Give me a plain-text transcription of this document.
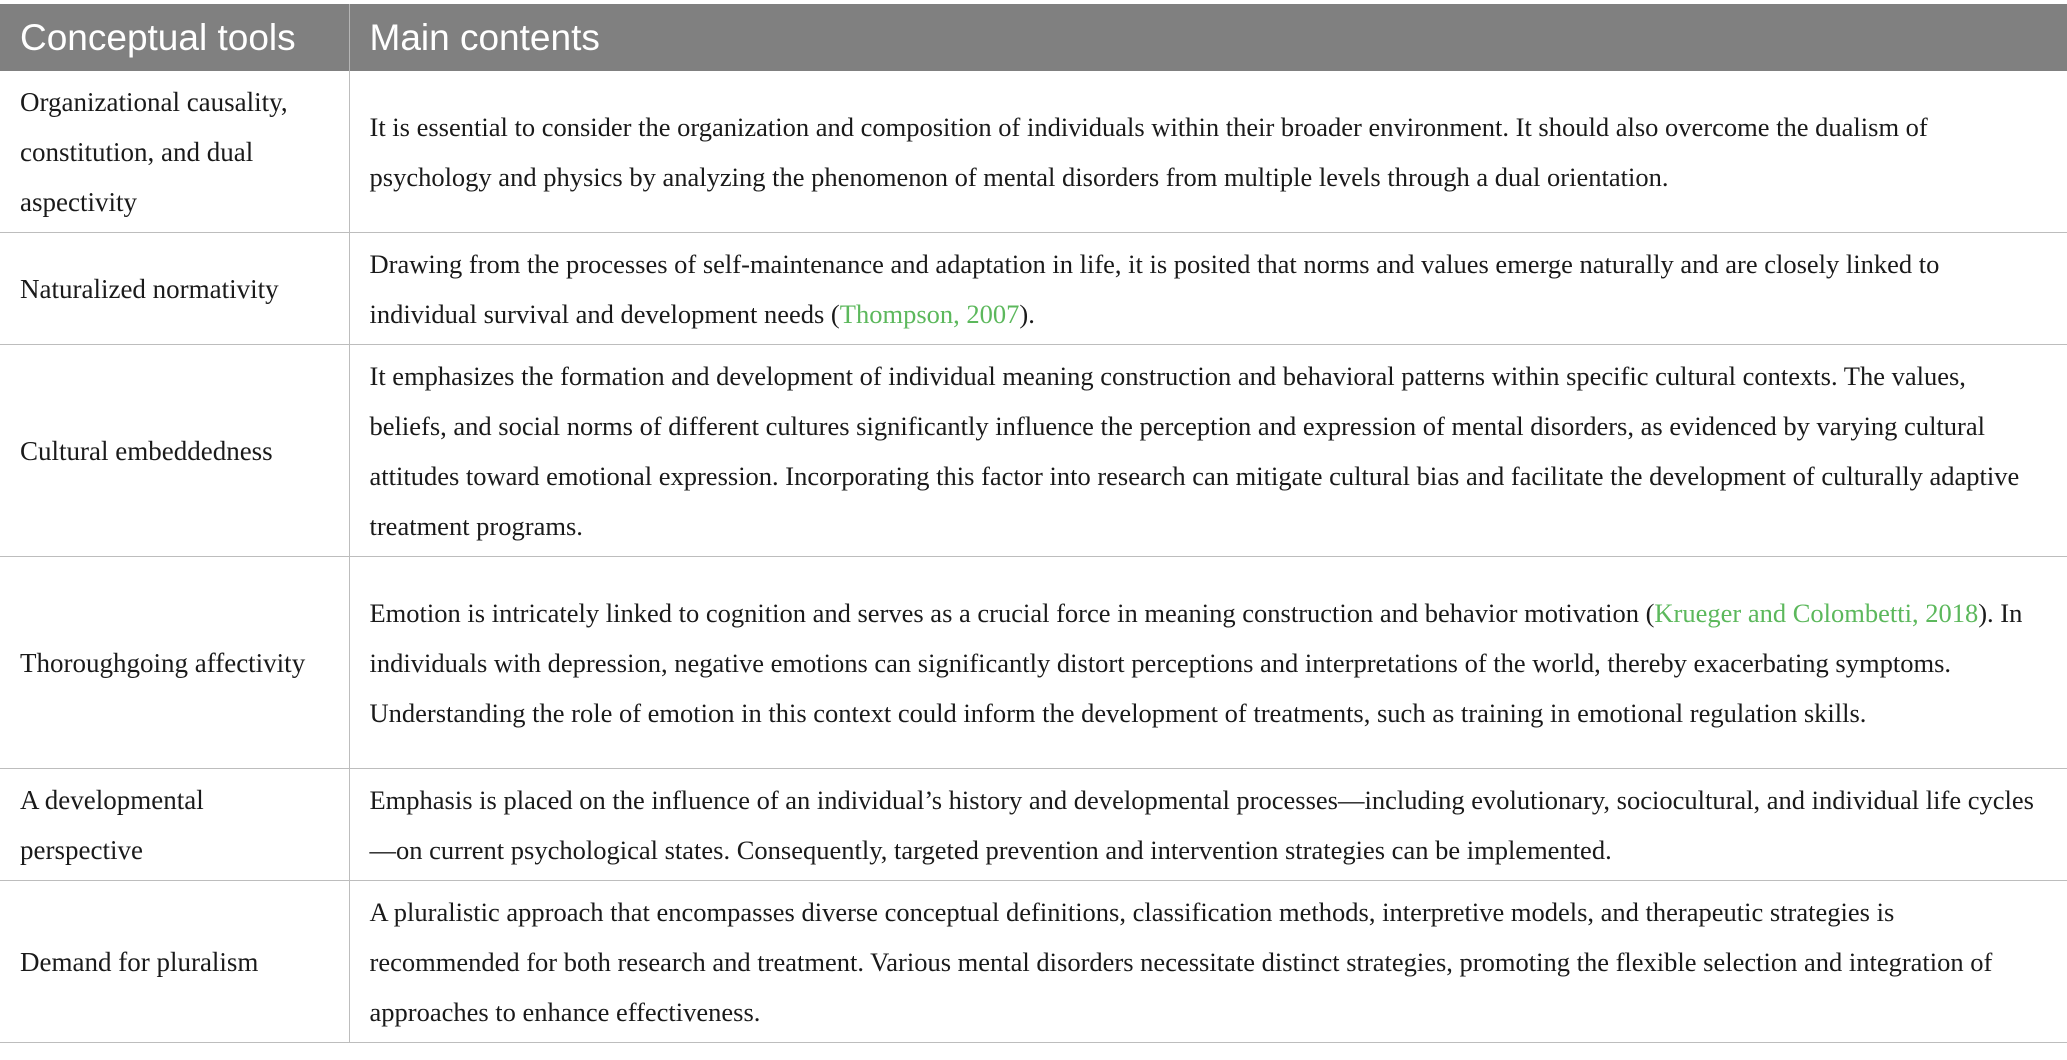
Conceptual tools	Main contents
Organizational causality, constitution, and dual aspectivity	It is essential to consider the organization and composition of individuals within their broader environment. It should also overcome the dualism of psychology and physics by analyzing the phenomenon of mental disorders from multiple levels through a dual orientation.
Naturalized normativity	Drawing from the processes of self-maintenance and adaptation in life, it is posited that norms and values emerge naturally and are closely linked to individual survival and development needs (Thompson, 2007).
Cultural embeddedness	It emphasizes the formation and development of individual meaning construction and behavioral patterns within specific cultural contexts. The values, beliefs, and social norms of different cultures significantly influence the perception and expression of mental disorders, as evidenced by varying cultural attitudes toward emotional expression. Incorporating this factor into research can mitigate cultural bias and facilitate the development of culturally adaptive treatment programs.
Thoroughgoing affectivity	Emotion is intricately linked to cognition and serves as a crucial force in meaning construction and behavior motivation (Krueger and Colombetti, 2018). In individuals with depression, negative emotions can significantly distort perceptions and interpretations of the world, thereby exacerbating symptoms. Understanding the role of emotion in this context could inform the development of treatments, such as training in emotional regulation skills.
A developmental perspective	Emphasis is placed on the influence of an individual’s history and developmental processes—including evolutionary, sociocultural, and individual life cycles—on current psychological states. Consequently, targeted prevention and intervention strategies can be implemented.
Demand for pluralism	A pluralistic approach that encompasses diverse conceptual definitions, classification methods, interpretive models, and therapeutic strategies is recommended for both research and treatment. Various mental disorders necessitate distinct strategies, promoting the flexible selection and integration of approaches to enhance effectiveness.
